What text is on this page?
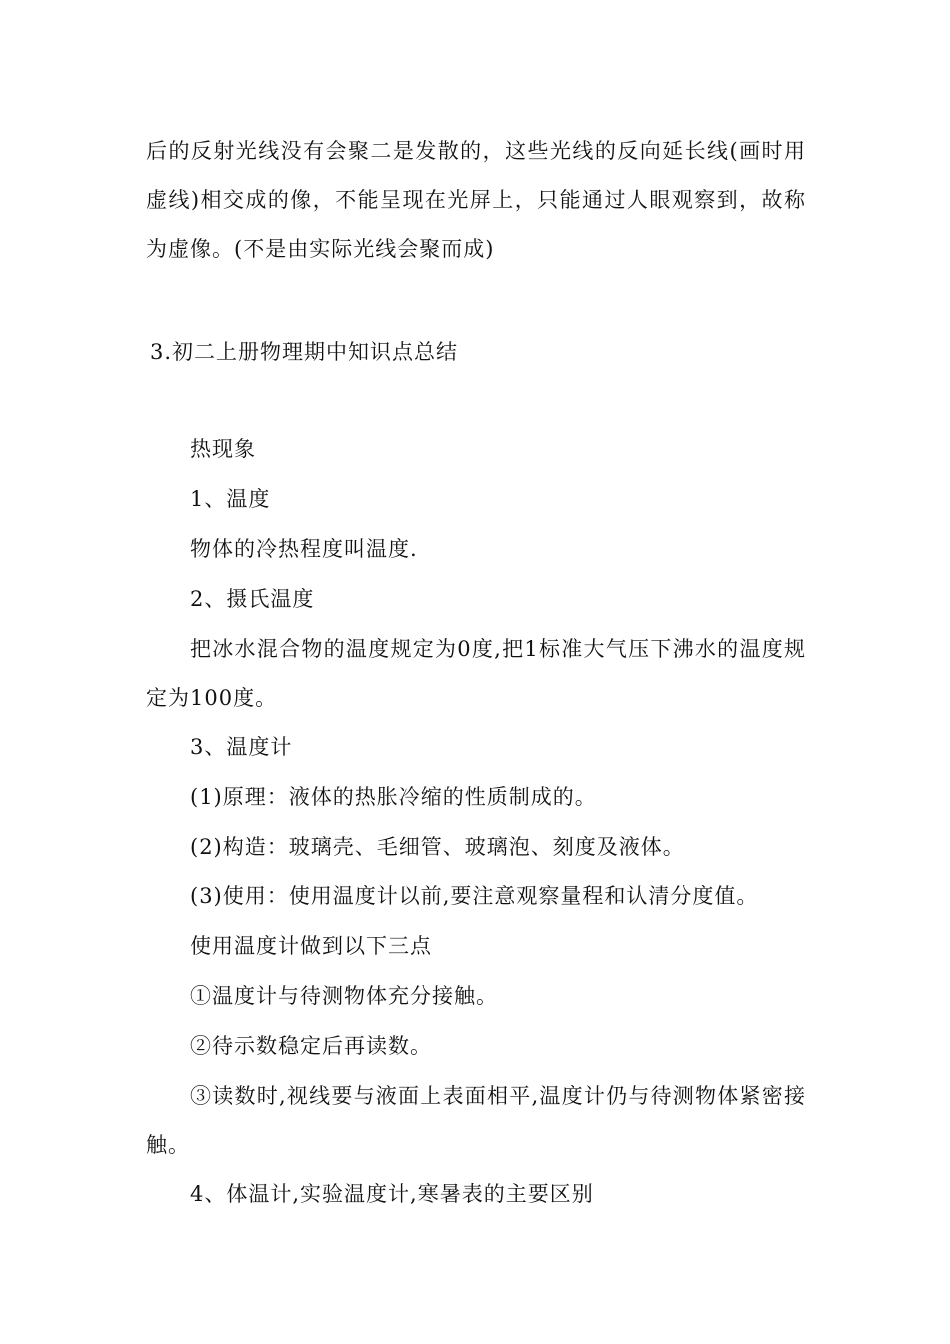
后的反射光线没有会聚二是发散的，这些光线的反向延长线(画时用虚线)相交成的像，不能呈现在光屏上，只能通过人眼观察到，故称为虚像。(不是由实际光线会聚而成)

3.初二上册物理期中知识点总结

热现象

1、温度

物体的冷热程度叫温度.

2、摄氏温度

把冰水混合物的温度规定为0度,把1标准大气压下沸水的温度规定为100度。

3、温度计

(1)原理：液体的热胀冷缩的性质制成的。

(2)构造：玻璃壳、毛细管、玻璃泡、刻度及液体。

(3)使用：使用温度计以前,要注意观察量程和认清分度值。

使用温度计做到以下三点

①温度计与待测物体充分接触。

②待示数稳定后再读数。

③读数时,视线要与液面上表面相平,温度计仍与待测物体紧密接触。

4、体温计,实验温度计,寒暑表的主要区别
